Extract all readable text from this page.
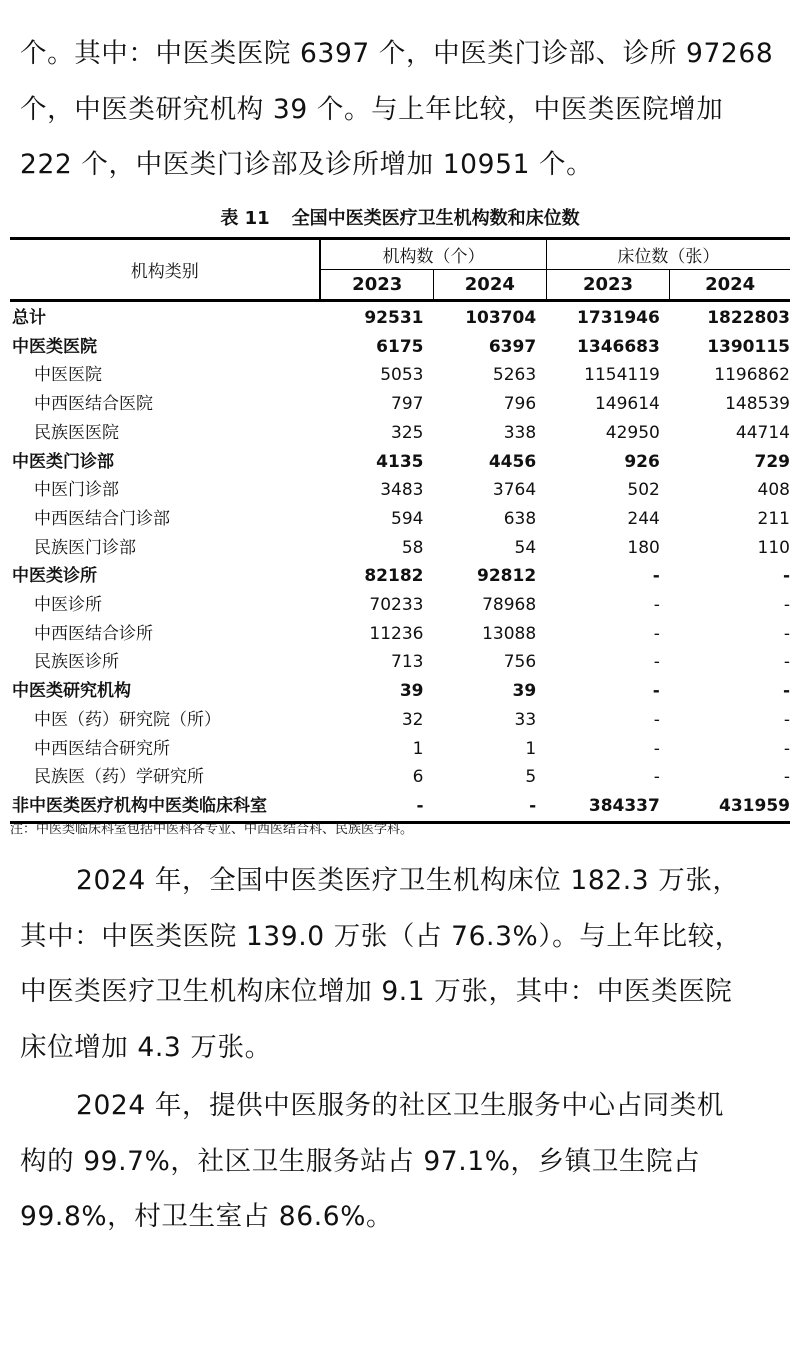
个。其中：中医类医院 6397 个，中医类门诊部、诊所 97268
个，中医类研究机构 39 个。与上年比较，中医类医院增加
222 个，中医类门诊部及诊所增加 10951 个。
表 11 全国中医类医疗卫生机构数和床位数
机构类别	机构数（个）		床位数（张）	
	2023	2024	2023	2024
总计	92531	103704	1731946	1822803
中医类医院	6175	6397	1346683	1390115
中医医院	5053	5263	1154119	1196862
中西医结合医院	797	796	149614	148539
民族医医院	325	338	42950	44714
中医类门诊部	4135	4456	926	729
中医门诊部	3483	3764	502	408
中西医结合门诊部	594	638	244	211
民族医门诊部	58	54	180	110
中医类诊所	82182	92812	-	-
中医诊所	70233	78968	-	-
中西医结合诊所	11236	13088	-	-
民族医诊所	713	756	-	-
中医类研究机构	39	39	-	-
中医（药）研究院（所）	32	33	-	-
中西医结合研究所	1	1	-	-
民族医（药）学研究所	6	5	-	-
非中医类医疗机构中医类临床科室	-	-	384337	431959
注：中医类临床科室包括中医科各专业、中西医结合科、民族医学科。
2024 年，全国中医类医疗卫生机构床位 182.3 万张，
其中：中医类医院 139.0 万张（占 76.3%）。与上年比较，
中医类医疗卫生机构床位增加 9.1 万张，其中：中医类医院
床位增加 4.3 万张。
2024 年，提供中医服务的社区卫生服务中心占同类机
构的 99.7%，社区卫生服务站占 97.1%，乡镇卫生院占
99.8%，村卫生室占 86.6%。
